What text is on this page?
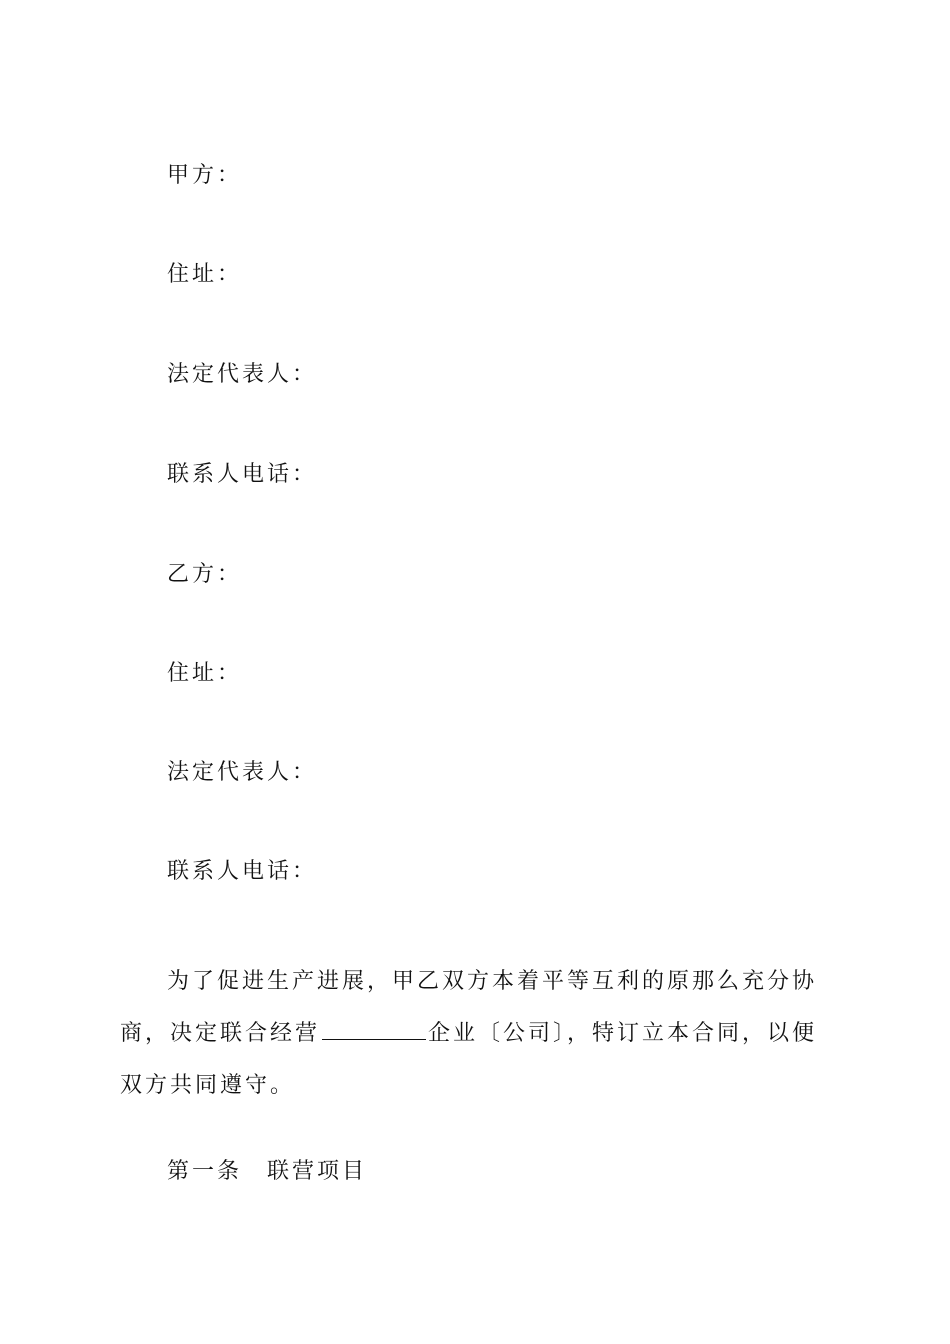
甲方：
住址：
法定代表人：
联系人电话：
乙方：
住址：
法定代表人：
联系人电话：
为了促进生产进展，甲乙双方本着平等互利的原那么充分协商，决定联合经营	企业〔公司〕，特订立本合同，以便双方共同遵守。
第一条　联营项目
